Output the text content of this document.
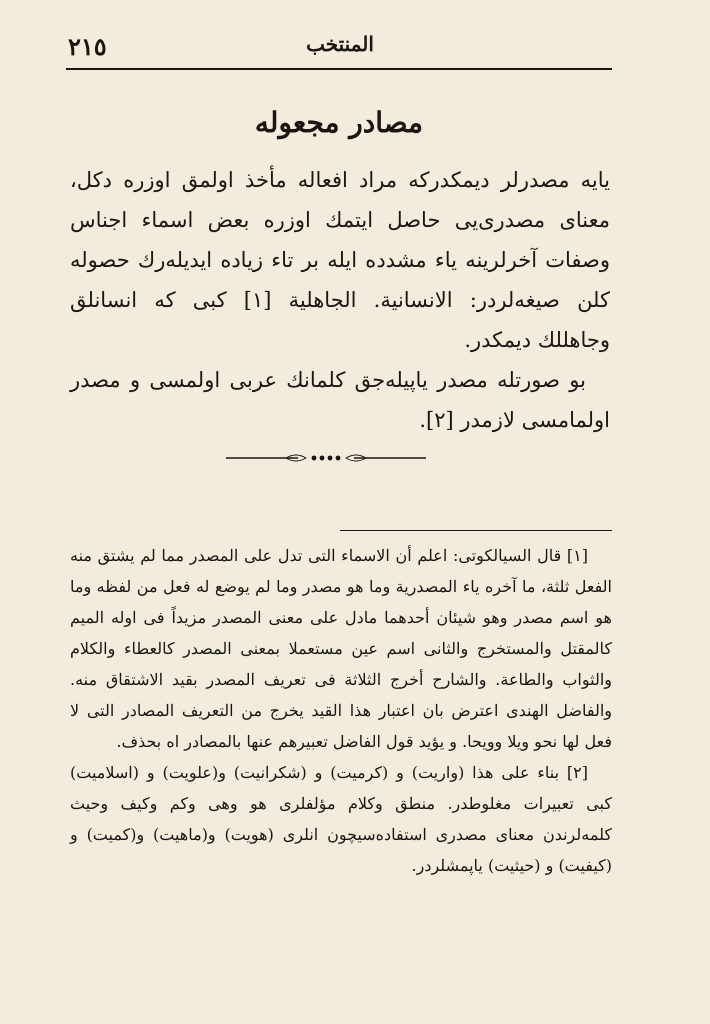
٢١٥	المنتخب
مصادر مجعوله

یایه مصدرلر دیمکدرکه مراد افعاله مأخذ اولمق اوزره دکل، معنای مصدری‌یی حاصل ایتمك اوزره بعض اسماء اجناس وصفات آخرلرینه یاء مشدده ایله بر تاء زیاده ایدیله‌رك حصوله کلن صیغه‌لردر: الانسانیة. الجاهلیة [١] کبی که انسانلق وجاهللك دیمکدر.

بو صورتله مصدر یاپیله‌جق کلمانك عربی اولمسی و مصدر اولمامسی لازمدر [٢].

[١] قال السیالکوتی: اعلم أن الاسماء التی تدل علی المصدر مما لم یشتق منه الفعل ثلثة، ما آخره یاء المصدریة وما هو مصدر وما لم یوضع له فعل من لفظه وما هو اسم مصدر وهو شیئان أحدهما مادل علی معنی المصدر مزیداً فی اوله المیم کالمقتل والمستخرج والثانی اسم عین مستعملا بمعنی المصدر کالعطاء والکلام والثواب والطاعة. والشارح أخرج الثلاثة فی تعریف المصدر بقید الاشتقاق منه. والفاضل الهندی اعترض بان اعتبار هذا القید یخرج من التعریف المصادر التی لا فعل لها نحو ویلا وویحا. و یؤید قول الفاضل تعبیرهم عنها بالمصادر اه بحذف.

[٢] بناء علی هذا (واریت) و (کرمیت) و (شکرانیت) و(علویت) و (اسلامیت) کبی تعبیرات مغلوطدر. منطق وکلام مؤلفلری هو وهی وکم وکیف وحیث کلمه‌لرندن معنای مصدری استفاده‌سیچون انلری (هویت) و(ماهیت) و(کمیت) و (کیفیت) و (حیثیت) یاپمشلردر.
